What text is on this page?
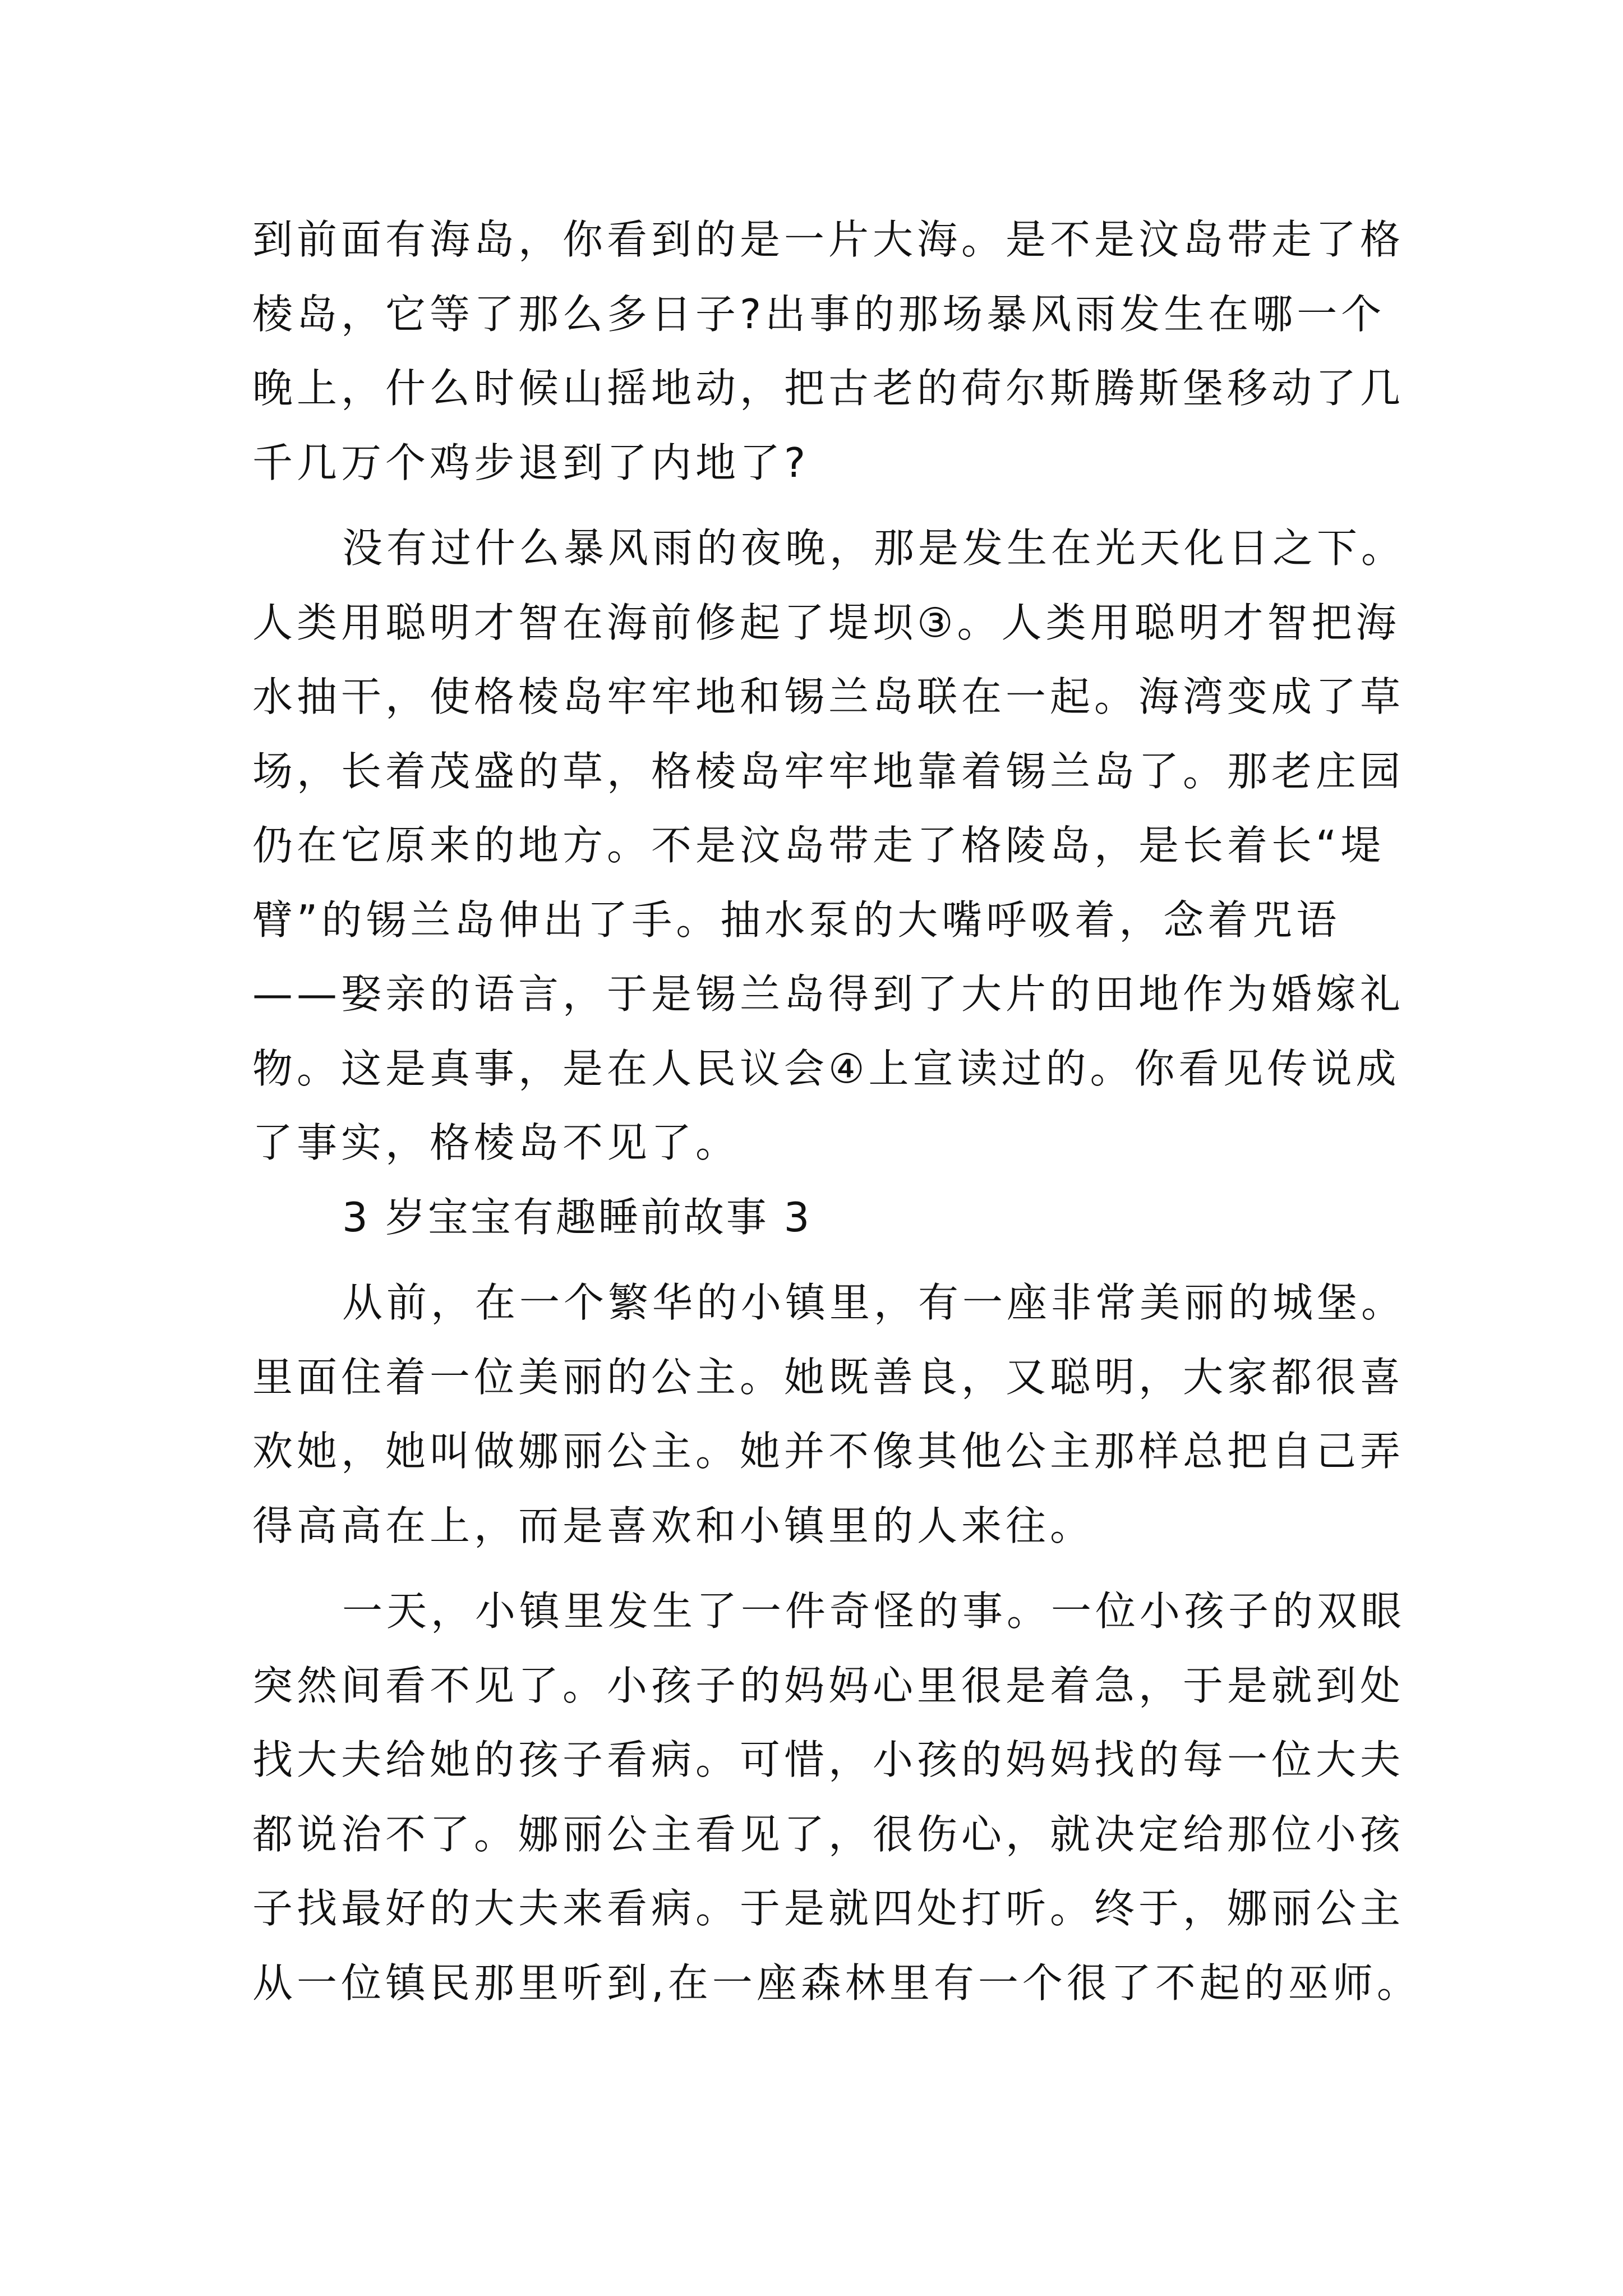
到前面有海岛，你看到的是一片大海。是不是汶岛带走了格
棱岛，它等了那么多日子?出事的那场暴风雨发生在哪一个
晚上，什么时候山摇地动，把古老的荷尔斯腾斯堡移动了几
千几万个鸡步退到了内地了?
没有过什么暴风雨的夜晚，那是发生在光天化日之下。
人类用聪明才智在海前修起了堤坝③。人类用聪明才智把海
水抽干，使格棱岛牢牢地和锡兰岛联在一起。海湾变成了草
场，长着茂盛的草，格棱岛牢牢地靠着锡兰岛了。那老庄园
仍在它原来的地方。不是汶岛带走了格陵岛，是长着长“堤
臂”的锡兰岛伸出了手。抽水泵的大嘴呼吸着，念着咒语
——娶亲的语言，于是锡兰岛得到了大片的田地作为婚嫁礼
物。这是真事，是在人民议会④上宣读过的。你看见传说成
了事实，格棱岛不见了。
3 岁宝宝有趣睡前故事 3
从前，在一个繁华的小镇里，有一座非常美丽的城堡。
里面住着一位美丽的公主。她既善良，又聪明，大家都很喜
欢她，她叫做娜丽公主。她并不像其他公主那样总把自己弄
得高高在上，而是喜欢和小镇里的人来往。
一天，小镇里发生了一件奇怪的事。一位小孩子的双眼
突然间看不见了。小孩子的妈妈心里很是着急，于是就到处
找大夫给她的孩子看病。可惜，小孩的妈妈找的每一位大夫
都说治不了。娜丽公主看见了，很伤心，就决定给那位小孩
子找最好的大夫来看病。于是就四处打听。终于，娜丽公主
从一位镇民那里听到,在一座森林里有一个很了不起的巫师。
